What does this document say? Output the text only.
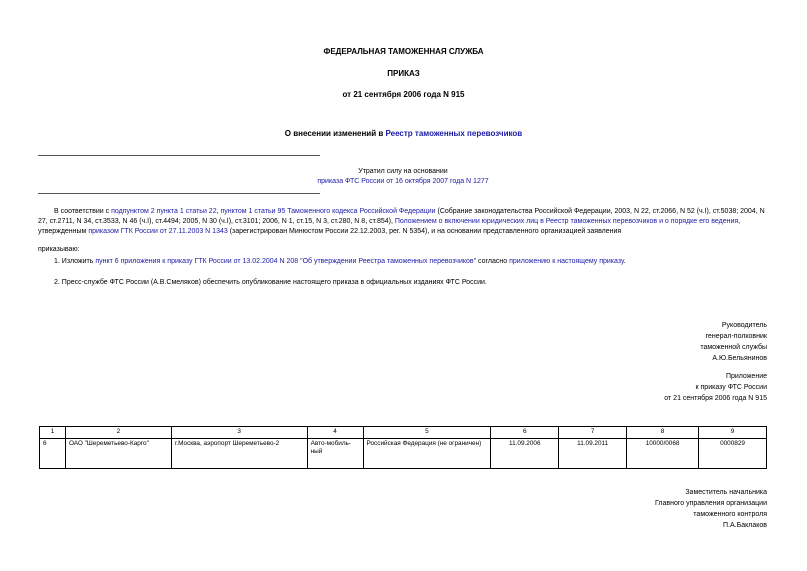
ФЕДЕРАЛЬНАЯ ТАМОЖЕННАЯ СЛУЖБА
ПРИКАЗ
от 21 сентября 2006 года N 915
О внесении изменений в Реестр таможенных перевозчиков
Утратил силу на основании
приказа ФТС России от 16 октября 2007 года N 1277
В соответствии с подпунктом 2 пункта 1 статьи 22, пунктом 1 статьи 95 Таможенного кодекса Российской Федерации (Собрание законодательства Российской Федерации, 2003, N 22, ст.2066, N 52 (ч.I), ст.5038; 2004, N 27, ст.2711, N 34, ст.3533, N 46 (ч.I), ст.4494; 2005, N 30 (ч.I), ст.3101; 2006, N 1, ст.15, N 3, ст.280, N 8, ст.854), Положением о включении юридических лиц в Реестр таможенных перевозчиков и о порядке его ведения, утвержденным приказом ГТК России от 27.11.2003 N 1343 (зарегистрирован Минюстом России 22.12.2003, рег. N 5354), и на основании представленного организацией заявления
приказываю:
1. Изложить пункт 6 приложения к приказу ГТК России от 13.02.2004 N 208 "Об утверждении Реестра таможенных перевозчиков" согласно приложению к настоящему приказу.
2. Пресс-службе ФТС России (А.В.Смеляков) обеспечить опубликование настоящего приказа в официальных изданиях ФТС России.
Руководитель
генерал-полковник
таможенной службы
А.Ю.Бельянинов
Приложение
к приказу ФТС России
от 21 сентября 2006 года N 915
1	2	3	4	5	6	7	8	9
6	ОАО "Шереметьево-Карго"	г.Москва, аэропорт Шереметьево-2	Авто-мобиль-ный	Российская Федерация (не ограничен)	11.09.2006	11.09.2011	10000/0068	0000829
Заместитель начальника
Главного управления организации
таможенного контроля
П.А.Баклаков
